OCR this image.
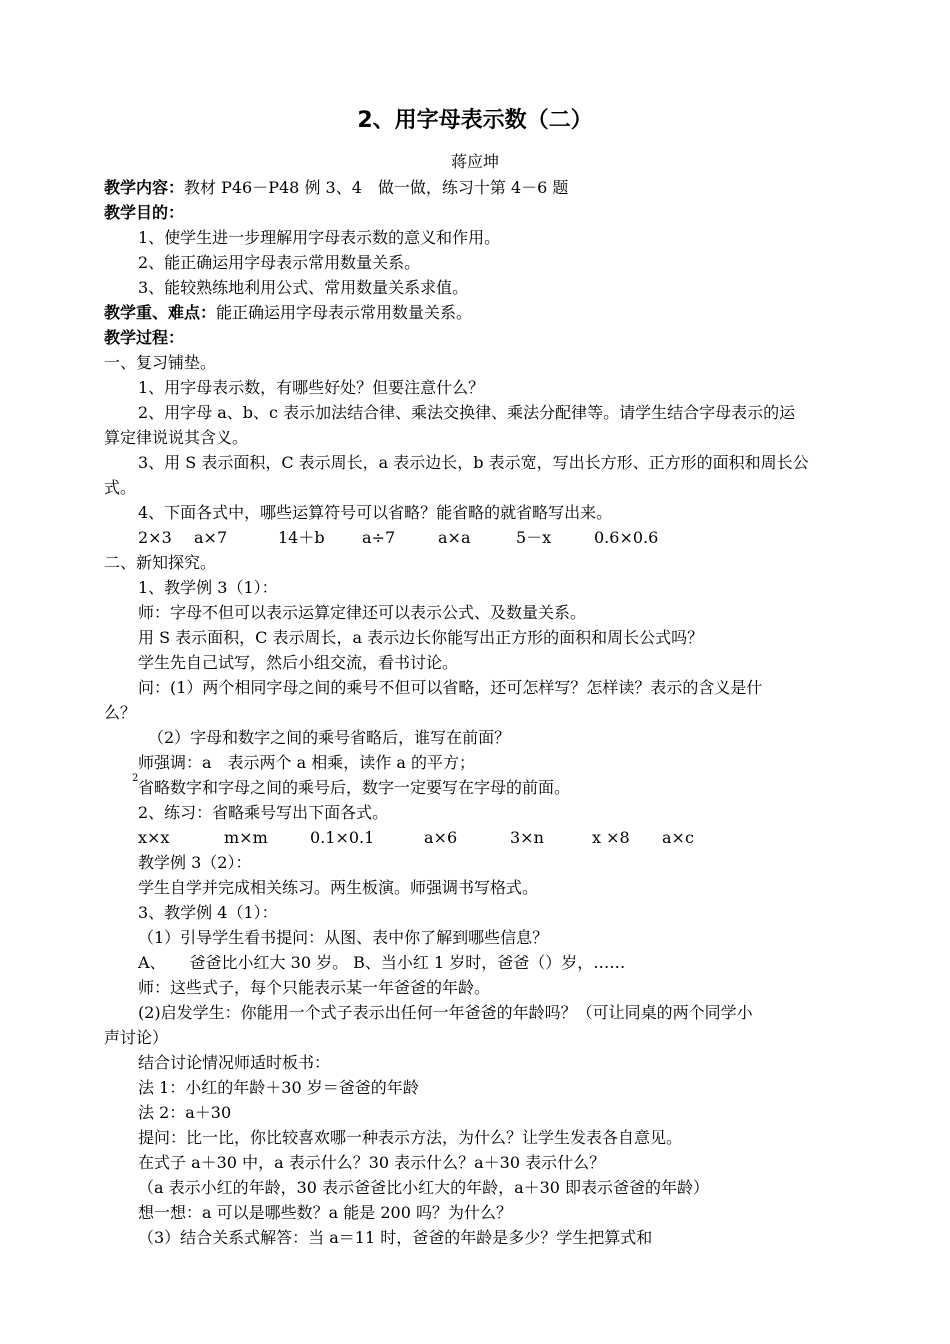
2、用字母表示数（二）
蒋应坤
教学内容：教材 P46－P48 例 3、4　做一做，练习十第 4－6 题
教学目的：
1、使学生进一步理解用字母表示数的意义和作用。
2、能正确运用字母表示常用数量关系。
3、能较熟练地利用公式、常用数量关系求值。
教学重、难点：能正确运用字母表示常用数量关系。
教学过程：
一、复习铺垫。
1、用字母表示数，有哪些好处？但要注意什么？
2、用字母 a、b、c 表示加法结合律、乘法交换律、乘法分配律等。请学生结合字母表示的运
算定律说说其含义。
3、用 S 表示面积，C 表示周长，a 表示边长，b 表示宽，写出长方形、正方形的面积和周长公
式。
4、下面各式中，哪些运算符号可以省略？能省略的就省略写出来。
2×3 a×7	14＋b a÷7	a×a	5－x	0.6×0.6
二、新知探究。
1、教学例 3（1）：
师：字母不但可以表示运算定律还可以表示公式、及数量关系。
用 S 表示面积，C 表示周长，a 表示边长你能写出正方形的面积和周长公式吗？
学生先自己试写，然后小组交流，看书讨论。
问：(1）两个相同字母之间的乘号不但可以省略，还可怎样写？怎样读？表示的含义是什
么？
（2）字母和数字之间的乘号省略后，谁写在前面？
师强调：a　表示两个 a 相乘，读作 a 的平方；
2 省略数字和字母之间的乘号后，数字一定要写在字母的前面。
2、练习：省略乘号写出下面各式。
x×x	m×m	0.1×0.1	a×6	3×n	x ×8 a×c
教学例 3（2）：
学生自学并完成相关练习。两生板演。师强调书写格式。
3、教学例 4（1）：
（1）引导学生看书提问：从图、表中你了解到哪些信息？
A、　　爸爸比小红大 30 岁。 B、当小红 1 岁时，爸爸（）岁，……
师：这些式子，每个只能表示某一年爸爸的年龄。
(2)启发学生：你能用一个式子表示出任何一年爸爸的年龄吗？（可让同桌的两个同学小
声讨论）
结合讨论情况师适时板书：
法 1：小红的年龄＋30 岁＝爸爸的年龄
法 2：a＋30
提问：比一比，你比较喜欢哪一种表示方法，为什么？让学生发表各自意见。
在式子 a＋30 中，a 表示什么？30 表示什么？a＋30 表示什么？
（a 表示小红的年龄，30 表示爸爸比小红大的年龄，a＋30 即表示爸爸的年龄）
想一想：a 可以是哪些数？a 能是 200 吗？为什么？
（3）结合关系式解答：当 a＝11 时，爸爸的年龄是多少？学生把算式和
